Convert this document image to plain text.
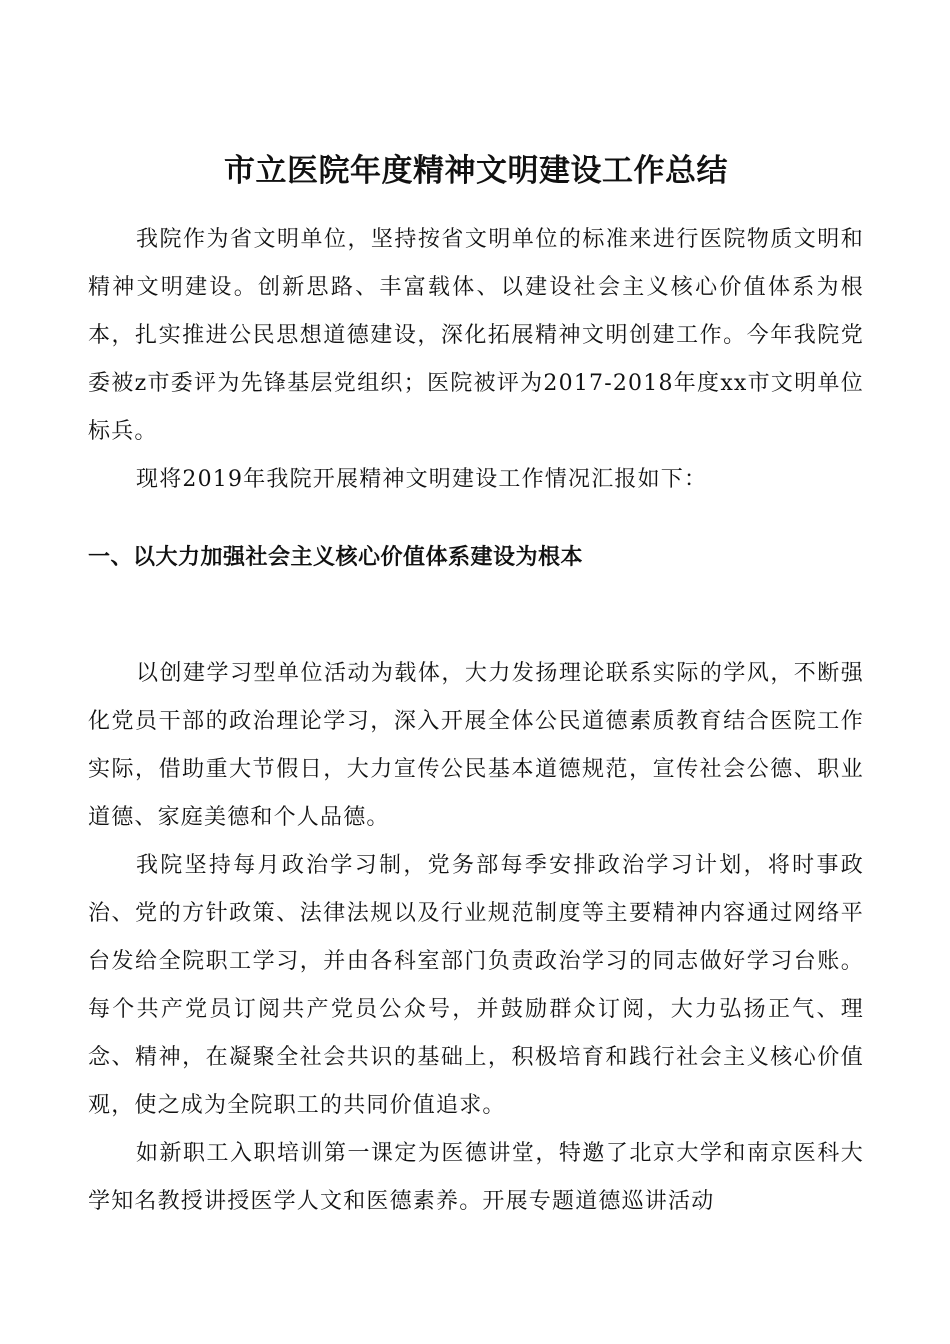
市立医院年度精神文明建设工作总结

我院作为省文明单位，坚持按省文明单位的标准来进行医院物质文明和精神文明建设。创新思路、丰富载体、以建设社会主义核心价值体系为根本，扎实推进公民思想道德建设，深化拓展精神文明创建工作。今年我院党委被z市委评为先锋基层党组织；医院被评为2017-2018年度xx市文明单位标兵。

现将2019年我院开展精神文明建设工作情况汇报如下：

一、以大力加强社会主义核心价值体系建设为根本

以创建学习型单位活动为载体，大力发扬理论联系实际的学风，不断强化党员干部的政治理论学习，深入开展全体公民道德素质教育结合医院工作实际，借助重大节假日，大力宣传公民基本道德规范，宣传社会公德、职业道德、家庭美德和个人品德。

我院坚持每月政治学习制，党务部每季安排政治学习计划，将时事政治、党的方针政策、法律法规以及行业规范制度等主要精神内容通过网络平台发给全院职工学习，并由各科室部门负责政治学习的同志做好学习台账。每个共产党员订阅共产党员公众号，并鼓励群众订阅，大力弘扬正气、理念、精神，在凝聚全社会共识的基础上，积极培育和践行社会主义核心价值观，使之成为全院职工的共同价值追求。

如新职工入职培训第一课定为医德讲堂，特邀了北京大学和南京医科大学知名教授讲授医学人文和医德素养。开展专题道德巡讲活动
